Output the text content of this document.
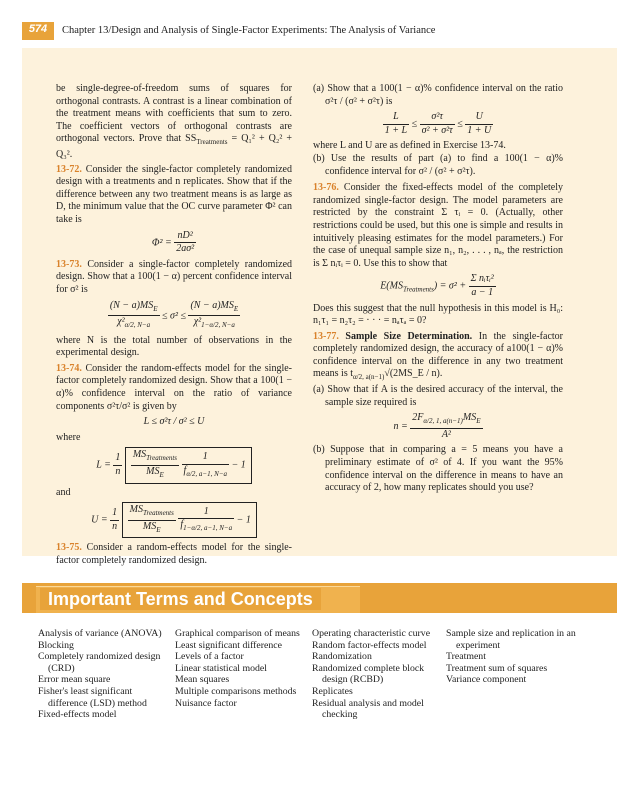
574	Chapter 13/Design and Analysis of Single-Factor Experiments: The Analysis of Variance

be single-degree-of-freedom sums of squares for orthogonal contrasts. A contrast is a linear combination of the treatment means with coefficients that sum to zero. The coefficient vectors of orthogonal contrasts are orthogonal vectors. Prove that $SS_{Treatments} = Q_1^2 + Q_2^2 + Q_3^2$.

13-72. Consider the single-factor completely randomized design with a treatments and n replicates. Show that if the difference between any two treatment means is as large as D, the minimum value that the OC curve parameter Φ² can take is

$\Phi^2 = \frac{\text{nD²}}{\text{2aσ²}}$

13-73. Consider a single-factor completely randomized design. Show that a 100(1 − α) percent confidence interval for σ² is

$\frac{(N - a)MS_E}{\chi^2_{\alpha/2, N-a}} \le \sigma^2 \le \frac{(N - a)MS_E}{\chi^2_{1-\alpha/2, N-a}}$

where N is the total number of observations in the experimental design.

13-74. Consider the random-effects model for the single-factor completely randomized design. Show that a 100(1 − α)% confidence interval on the ratio of variance components σ²τ/σ² is given by

L ≤ σ²τ / σ² ≤ U

where

$L = \frac{1}{n}$
$\frac{MS_{Treatments}}{MS_E}$
$\frac{1}{f_{\alpha/2, a-1, N-a}} - 1$

and

$U = \frac{1}{n}$
$\frac{MS_{Treatments}}{MS_E}$
$\frac{1}{f_{1-\alpha/2, a-1, N-a}} - 1$

13-75. Consider a random-effects model for the single-factor completely randomized design.

(a) Show that a 100(1 − α)% confidence interval on the ratio σ²τ / (σ² + σ²τ) is

$\frac{L}{1 + L} \le \frac{\text{σ²τ}}{\text{σ² + σ²τ}} \le \frac{U}{1 + U}$

where L and U are as defined in Exercise 13-74.

(b) Use the results of part (a) to find a 100(1 − α)% confidence interval for σ² / (σ² + σ²τ).

13-76. Consider the fixed-effects model of the completely randomized single-factor design. The model parameters are restricted by the constraint Σ τᵢ = 0. (Actually, other restrictions could be used, but this one is simple and results in intuitively pleasing estimates for the model parameters.) For the case of unequal sample size n₁, n₂, . . . , nₐ, the restriction is Σ nᵢτᵢ = 0. Use this to show that

$E(MS_{Treatments}) = \sigma^2 + \frac{\text{Σ nᵢτᵢ²}}{a - 1}$

Does this suggest that the null hypothesis in this model is H₀: n₁τ₁ = n₂τ₂ = · · · = nₐτₐ = 0?

13-77. Sample Size Determination. In the single-factor completely randomized design, the accuracy of a100(1 − α)% confidence interval on the difference in any two treatment means is $t_{\alpha/2, a(n-1)}√(2MS\_E / n)$.

(a) Show that if A is the desired accuracy of the interval, the sample size required is

$n = \frac{2F_{\alpha/2, 1, a(n-1)}MS_E}{\text{A²}}$

(b) Suppose that in comparing a = 5 means you have a preliminary estimate of σ² of 4. If you want the 95% confidence interval on the difference in means to have an accuracy of 2, how many replicates should you use?

Important Terms and Concepts
Analysis of variance (ANOVA)
Blocking
Completely randomized design (CRD)
Error mean square
Fisher's least significant difference (LSD) method
Fixed-effects model
Graphical comparison of means
Least significant difference
Levels of a factor
Linear statistical model
Mean squares
Multiple comparisons methods
Nuisance factor
Operating characteristic curve
Random factor-effects model
Randomization
Randomized complete block design (RCBD)
Replicates
Residual analysis and model checking
Sample size and replication in an experiment
Treatment
Treatment sum of squares
Variance component
